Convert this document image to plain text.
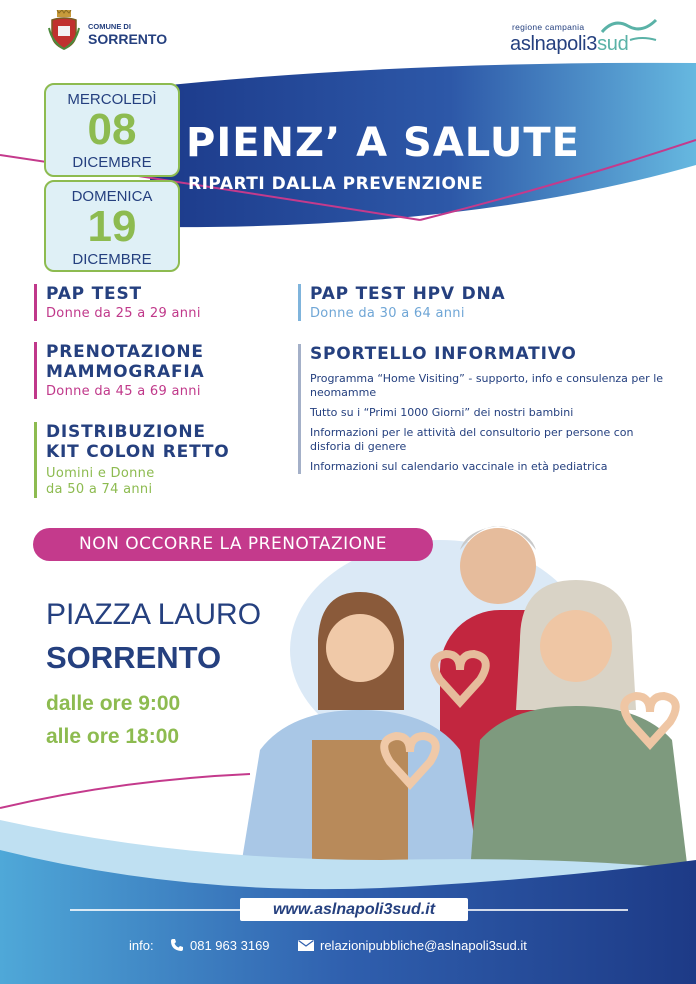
COMUNE DI
SORRENTO
regione campania
aslnapoli3sud
MERCOLEDÌ
08
DICEMBRE
DOMENICA
19
DICEMBRE
PIENZ’ A SALUTE
RIPARTI DALLA PREVENZIONE
PAP TEST
Donne da 25 a 29 anni
PRENOTAZIONE
MAMMOGRAFIA
Donne da 45 a 69 anni
DISTRIBUZIONE
KIT COLON RETTO
Uomini e Donne
da 50 a 74 anni
PAP TEST HPV DNA
Donne da 30 a 64 anni
SPORTELLO INFORMATIVO
Programma “Home Visiting” - supporto, info e consulenza per le neomamme
Tutto su i “Primi 1000 Giorni” dei nostri bambini
Informazioni per le attività del consultorio per persone con disforia di genere
Informazioni sul calendario vaccinale in età pediatrica
NON OCCORRE LA PRENOTAZIONE
PIAZZA LAURO
SORRENTO
dalle ore 9:00
alle ore 18:00
www.aslnapoli3sud.it
info:	081 963 3169	relazionipubbliche@aslnapoli3sud.it
